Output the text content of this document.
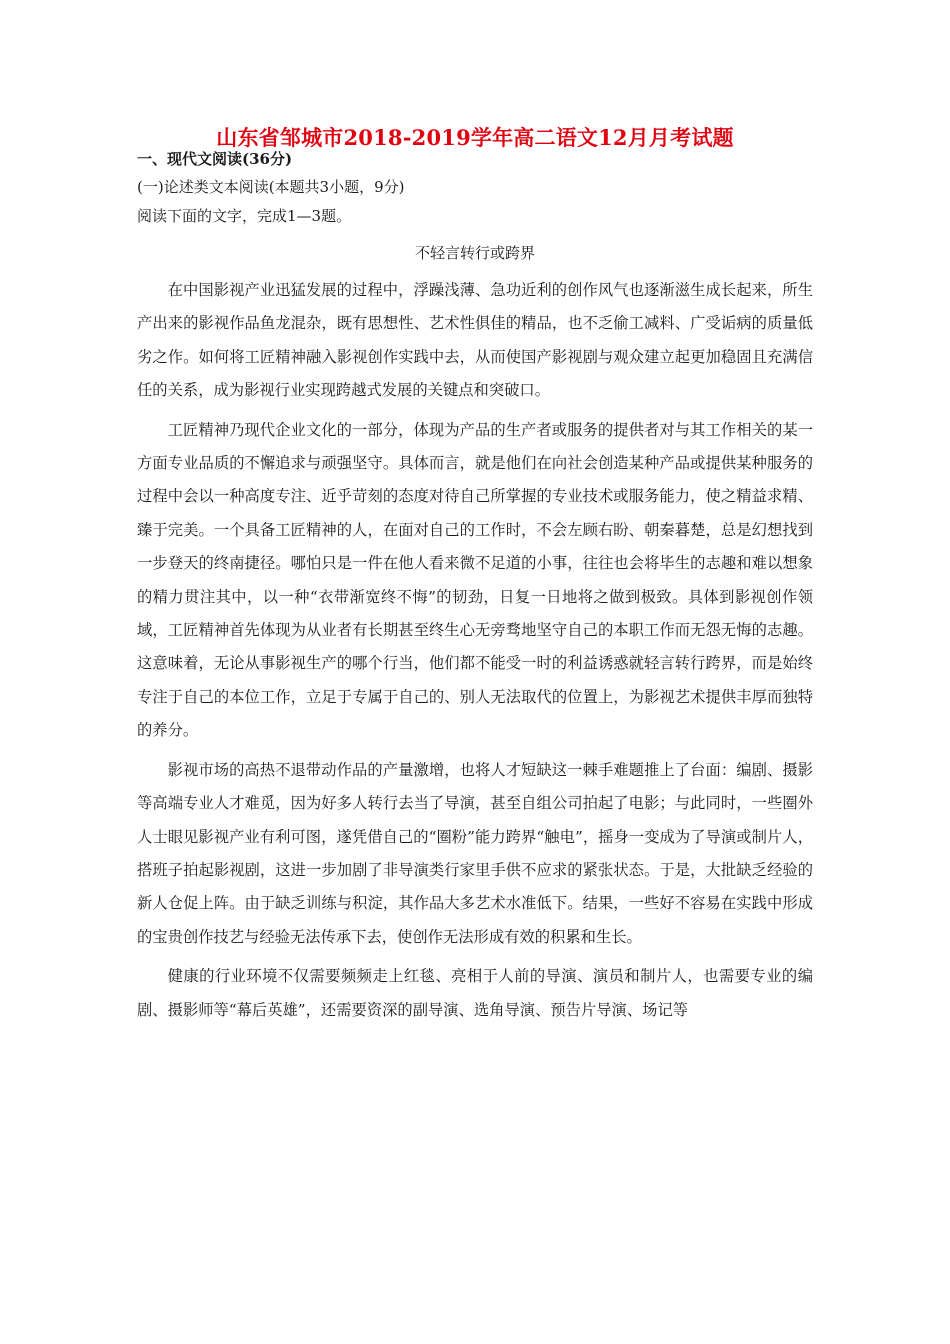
山东省邹城市2018-2019学年高二语文12月月考试题
一、现代文阅读(36分)
(一)论述类文本阅读(本题共3小题，9分)
阅读下面的文字，完成1—3题。
不轻言转行或跨界

在中国影视产业迅猛发展的过程中，浮躁浅薄、急功近利的创作风气也逐渐滋生成长起来，所生产出来的影视作品鱼龙混杂，既有思想性、艺术性俱佳的精品，也不乏偷工减料、广受诟病的质量低劣之作。如何将工匠精神融入影视创作实践中去，从而使国产影视剧与观众建立起更加稳固且充满信任的关系，成为影视行业实现跨越式发展的关键点和突破口。

工匠精神乃现代企业文化的一部分，体现为产品的生产者或服务的提供者对与其工作相关的某一方面专业品质的不懈追求与顽强坚守。具体而言，就是他们在向社会创造某种产品或提供某种服务的过程中会以一种高度专注、近乎苛刻的态度对待自己所掌握的专业技术或服务能力，使之精益求精、臻于完美。一个具备工匠精神的人，在面对自己的工作时，不会左顾右盼、朝秦暮楚，总是幻想找到一步登天的终南捷径。哪怕只是一件在他人看来微不足道的小事，往往也会将毕生的志趣和难以想象的精力贯注其中，以一种“衣带渐宽终不悔”的韧劲，日复一日地将之做到极致。具体到影视创作领域，工匠精神首先体现为从业者有长期甚至终生心无旁骛地坚守自己的本职工作而无怨无悔的志趣。这意味着，无论从事影视生产的哪个行当，他们都不能受一时的利益诱惑就轻言转行跨界，而是始终专注于自己的本位工作，立足于专属于自己的、别人无法取代的位置上，为影视艺术提供丰厚而独特的养分。

影视市场的高热不退带动作品的产量激增，也将人才短缺这一棘手难题推上了台面：编剧、摄影等高端专业人才难觅，因为好多人转行去当了导演，甚至自组公司拍起了电影；与此同时，一些圈外人士眼见影视产业有利可图，遂凭借自己的“圈粉”能力跨界“触电”，摇身一变成为了导演或制片人，搭班子拍起影视剧，这进一步加剧了非导演类行家里手供不应求的紧张状态。于是，大批缺乏经验的新人仓促上阵。由于缺乏训练与积淀，其作品大多艺术水准低下。结果，一些好不容易在实践中形成的宝贵创作技艺与经验无法传承下去，使创作无法形成有效的积累和生长。

健康的行业环境不仅需要频频走上红毯、亮相于人前的导演、演员和制片人，也需要专业的编剧、摄影师等“幕后英雄”，还需要资深的副导演、选角导演、预告片导演、场记等
